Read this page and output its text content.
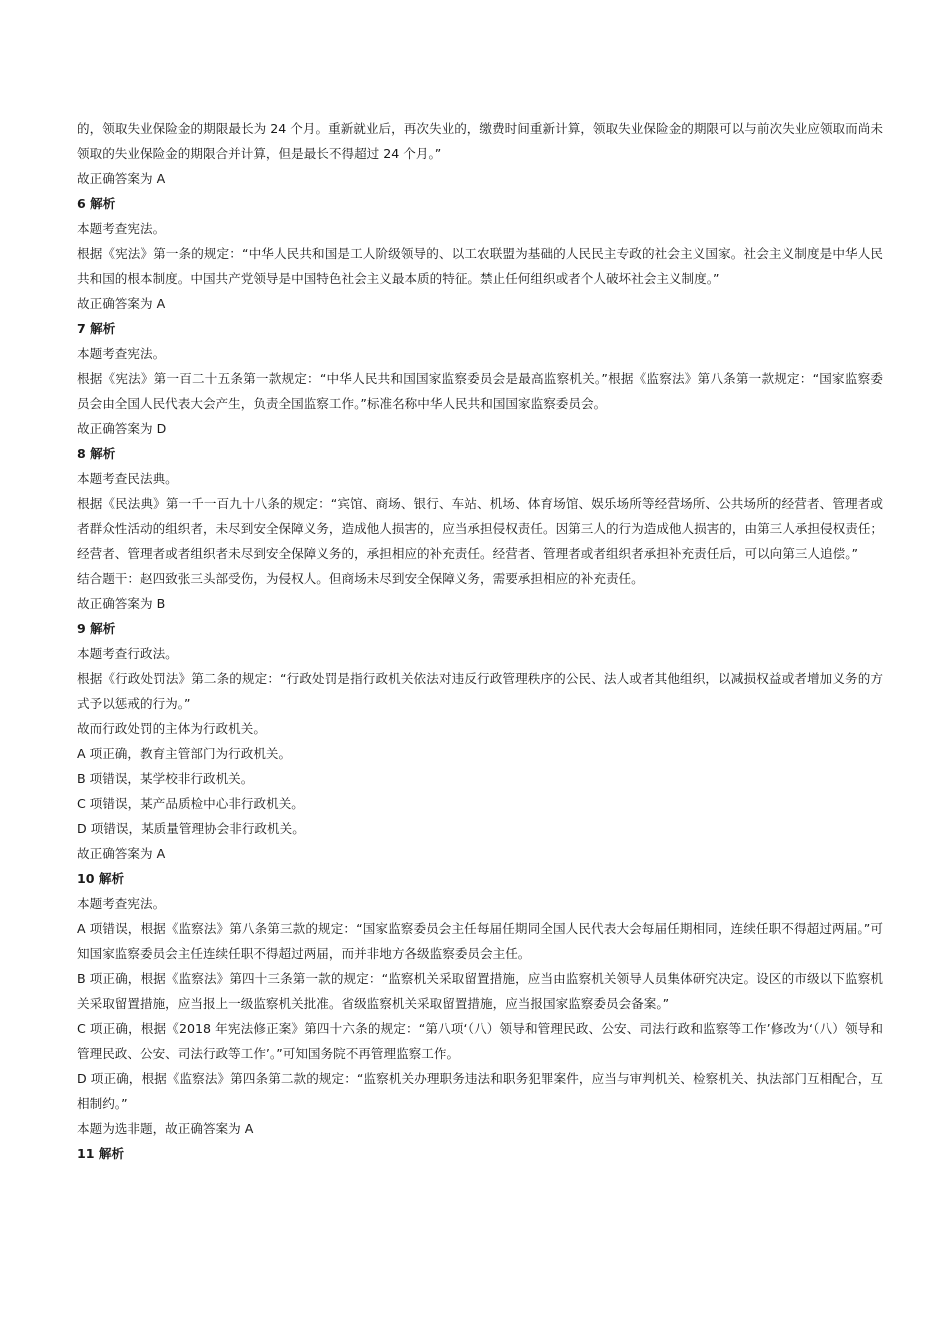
的，领取失业保险金的期限最长为 24 个月。重新就业后，再次失业的，缴费时间重新计算，领取失业保险金的期限可以与前次失业应领取而尚未领取的失业保险金的期限合并计算，但是最长不得超过 24 个月。”
故正确答案为 A
6 解析
本题考查宪法。
根据《宪法》第一条的规定：“中华人民共和国是工人阶级领导的、以工农联盟为基础的人民民主专政的社会主义国家。社会主义制度是中华人民共和国的根本制度。中国共产党领导是中国特色社会主义最本质的特征。禁止任何组织或者个人破坏社会主义制度。”
故正确答案为 A
7 解析
本题考查宪法。
根据《宪法》第一百二十五条第一款规定：“中华人民共和国国家监察委员会是最高监察机关。”根据《监察法》第八条第一款规定：“国家监察委员会由全国人民代表大会产生，负责全国监察工作。”标准名称中华人民共和国国家监察委员会。
故正确答案为 D
8 解析
本题考查民法典。
根据《民法典》第一千一百九十八条的规定：“宾馆、商场、银行、车站、机场、体育场馆、娱乐场所等经营场所、公共场所的经营者、管理者或者群众性活动的组织者，未尽到安全保障义务，造成他人损害的，应当承担侵权责任。因第三人的行为造成他人损害的，由第三人承担侵权责任；经营者、管理者或者组织者未尽到安全保障义务的，承担相应的补充责任。经营者、管理者或者组织者承担补充责任后，可以向第三人追偿。”
结合题干：赵四致张三头部受伤，为侵权人。但商场未尽到安全保障义务，需要承担相应的补充责任。
故正确答案为 B
9 解析
本题考查行政法。
根据《行政处罚法》第二条的规定：“行政处罚是指行政机关依法对违反行政管理秩序的公民、法人或者其他组织，以减损权益或者增加义务的方式予以惩戒的行为。”
故而行政处罚的主体为行政机关。
A 项正确，教育主管部门为行政机关。
B 项错误，某学校非行政机关。
C 项错误，某产品质检中心非行政机关。
D 项错误，某质量管理协会非行政机关。
故正确答案为 A
10 解析
本题考查宪法。
A 项错误，根据《监察法》第八条第三款的规定：“国家监察委员会主任每届任期同全国人民代表大会每届任期相同，连续任职不得超过两届。”可知国家监察委员会主任连续任职不得超过两届，而并非地方各级监察委员会主任。
B 项正确，根据《监察法》第四十三条第一款的规定：“监察机关采取留置措施，应当由监察机关领导人员集体研究决定。设区的市级以下监察机关采取留置措施，应当报上一级监察机关批准。省级监察机关采取留置措施，应当报国家监察委员会备案。”
C 项正确，根据《2018 年宪法修正案》第四十六条的规定：“第八项‘（八）领导和管理民政、公安、司法行政和监察等工作’修改为‘（八）领导和管理民政、公安、司法行政等工作’。”可知国务院不再管理监察工作。
D 项正确，根据《监察法》第四条第二款的规定：“监察机关办理职务违法和职务犯罪案件，应当与审判机关、检察机关、执法部门互相配合，互相制约。”
本题为选非题，故正确答案为 A
11 解析
